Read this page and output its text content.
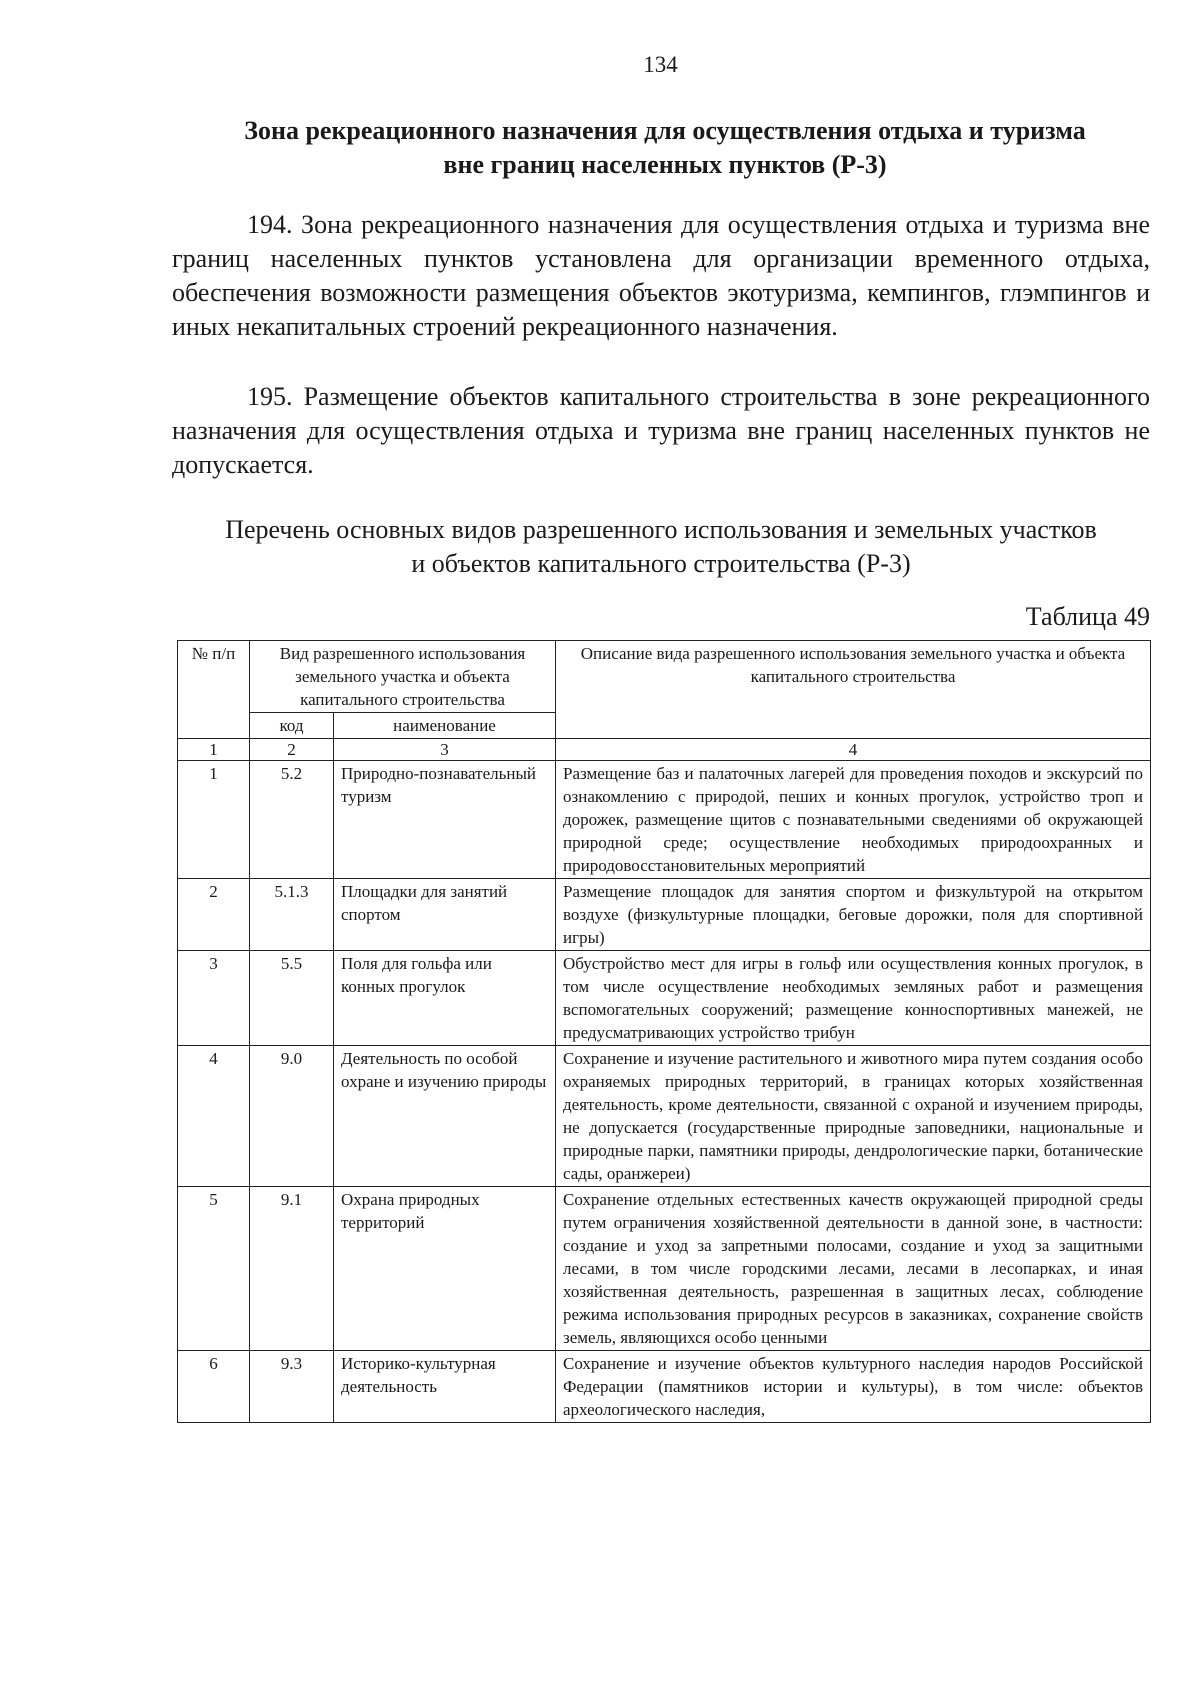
134
Зона рекреационного назначения для осуществления отдыха и туризма
вне границ населенных пунктов (Р-3)

194. Зона рекреационного назначения для осуществления отдыха и туризма вне границ населенных пунктов установлена для организации временного отдыха, обеспечения возможности размещения объектов экотуризма, кемпингов, глэмпингов и иных некапитальных строений рекреационного назначения.

195. Размещение объектов капитального строительства в зоне рекреационного назначения для осуществления отдыха и туризма вне границ населенных пунктов не допускается.

Перечень основных видов разрешенного использования и земельных участков
и объектов капитального строительства (Р-3)
Таблица 49
№ п/п	Вид разрешенного использования земельного участка и объекта капитального строительства		Описание вида разрешенного использования земельного участка и объекта капитального строительства
	код	наименование	
1	2	3	4
1	5.2	Природно-познавательный туризм	Размещение баз и палаточных лагерей для проведения походов и экскурсий по ознакомлению с природой, пеших и конных прогулок, устройство троп и дорожек, размещение щитов с познавательными сведениями об окружающей природной среде; осуществление необходимых природоохранных и природовосстановительных мероприятий
2	5.1.3	Площадки для занятий спортом	Размещение площадок для занятия спортом и физкультурой на открытом воздухе (физкультурные площадки, беговые дорожки, поля для спортивной игры)
3	5.5	Поля для гольфа или конных прогулок	Обустройство мест для игры в гольф или осуществления конных прогулок, в том числе осуществление необходимых земляных работ и размещения вспомогательных сооружений; размещение конноспортивных манежей, не предусматривающих устройство трибун
4	9.0	Деятельность по особой охране и изучению природы	Сохранение и изучение растительного и животного мира путем создания особо охраняемых природных территорий, в границах которых хозяйственная деятельность, кроме деятельности, связанной с охраной и изучением природы, не допускается (государственные природные заповедники, национальные и природные парки, памятники природы, дендрологические парки, ботанические сады, оранжереи)
5	9.1	Охрана природных территорий	Сохранение отдельных естественных качеств окружающей природной среды путем ограничения хозяйственной деятельности в данной зоне, в частности: создание и уход за запретными полосами, создание и уход за защитными лесами, в том числе городскими лесами, лесами в лесопарках, и иная хозяйственная деятельность, разрешенная в защитных лесах, соблюдение режима использования природных ресурсов в заказниках, сохранение свойств земель, являющихся особо ценными
6	9.3	Историко-культурная деятельность	Сохранение и изучение объектов культурного наследия народов Российской Федерации (памятников истории и культуры), в том числе: объектов археологического наследия,
